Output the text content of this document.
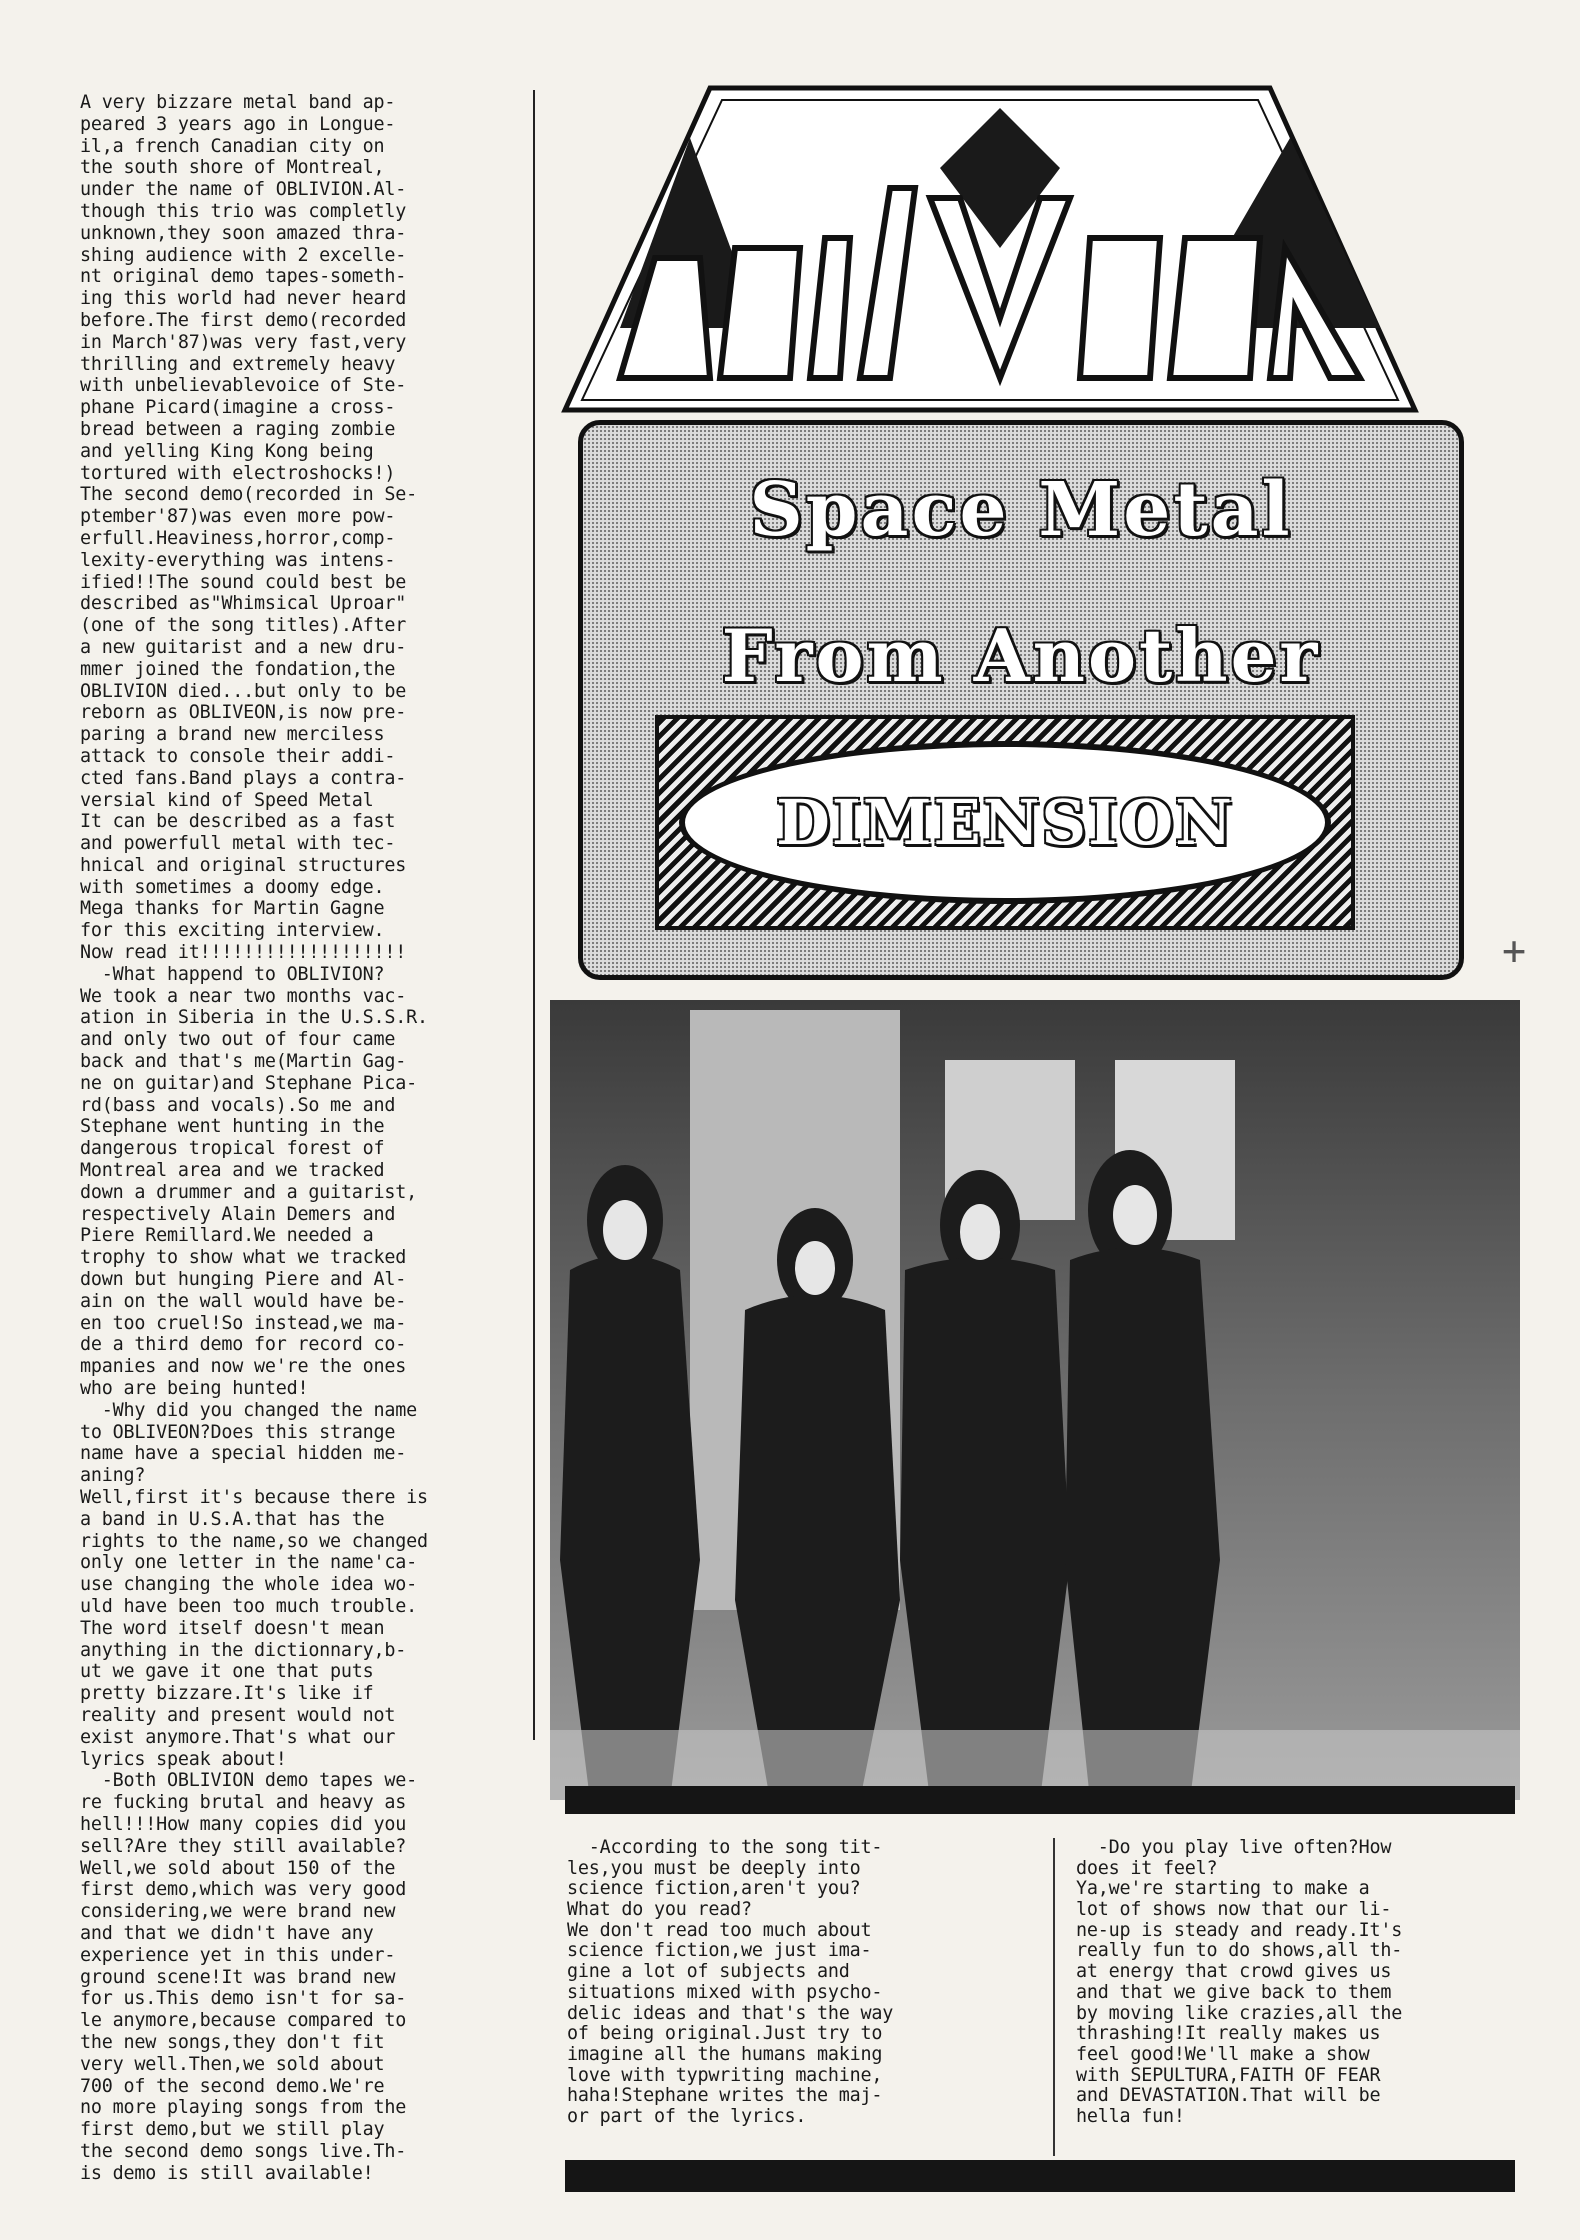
A very bizzare metal band ap-
peared 3 years ago in Longue-
il,a french Canadian city on
the south shore of Montreal,
under the name of OBLIVION.Al-
though this trio was completly
unknown,they soon amazed thra-
shing audience with 2 excelle-
nt original demo tapes-someth-
ing this world had never heard
before.The first demo(recorded
in March'87)was very fast,very
thrilling and extremely heavy
with unbelievablevoice of Ste-
phane Picard(imagine a cross-
bread between a raging zombie
and yelling King Kong being
tortured with electroshocks!)
The second demo(recorded in Se-
ptember'87)was even more pow-
erfull.Heaviness,horror,comp-
lexity-everything was intens-
ified!!The sound could best be
described as"Whimsical Uproar"
(one of the song titles).After
a new guitarist and a new dru-
mmer joined the fondation,the
OBLIVION died...but only to be
reborn as OBLIVEON,is now pre-
paring a brand new merciless
attack to console their addi-
cted fans.Band plays a contra-
versial kind of Speed Metal
It can be described as a fast
and powerfull metal with tec-
hnical and original structures
with sometimes a doomy edge.
Mega thanks for Martin Gagne
for this exciting interview.
Now read it!!!!!!!!!!!!!!!!!!!
-What happend to OBLIVION?
We took a near two months vac-
ation in Siberia in the U.S.S.R.
and only two out of four came
back and that's me(Martin Gag-
ne on guitar)and Stephane Pica-
rd(bass and vocals).So me and
Stephane went hunting in the
dangerous tropical forest of
Montreal area and we tracked
down a drummer and a guitarist,
respectively Alain Demers and
Piere Remillard.We needed a
trophy to show what we tracked
down but hunging Piere and Al-
ain on the wall would have be-
en too cruel!So instead,we ma-
de a third demo for record co-
mpanies and now we're the ones
who are being hunted!
-Why did you changed the name
to OBLIVEON?Does this strange
name have a special hidden me-
aning?
Well,first it's because there is
a band in U.S.A.that has the
rights to the name,so we changed
only one letter in the name'ca-
use changing the whole idea wo-
uld have been too much trouble.
The word itself doesn't mean
anything in the dictionnary,b-
ut we gave it one that puts
pretty bizzare.It's like if
reality and present would not
exist anymore.That's what our
lyrics speak about!
-Both OBLIVION demo tapes we-
re fucking brutal and heavy as
hell!!!How many copies did you
sell?Are they still available?
Well,we sold about 150 of the
first demo,which was very good
considering,we were brand new
and that we didn't have any
experience yet in this under-
ground scene!It was brand new
for us.This demo isn't for sa-
le anymore,because compared to
the new songs,they don't fit
very well.Then,we sold about
700 of the second demo.We're
no more playing songs from the
first demo,but we still play
the second demo songs live.Th-
is demo is still available!
Space Metal
From Another
DIMENSION
+
-According to the song tit-
les,you must be deeply into
science fiction,aren't you?
What do you read?
We don't read too much about
science fiction,we just ima-
gine a lot of subjects and
situations mixed with psycho-
delic ideas and that's the way
of being original.Just try to
imagine all the humans making
love with typwriting machine,
haha!Stephane writes the maj-
or part of the lyrics.
-Do you play live often?How
does it feel?
Ya,we're starting to make a
lot of shows now that our li-
ne-up is steady and ready.It's
really fun to do shows,all th-
at energy that crowd gives us
and that we give back to them
by moving like crazies,all the
thrashing!It really makes us
feel good!We'll make a show
with SEPULTURA,FAITH OF FEAR
and DEVASTATION.That will be
hella fun!
